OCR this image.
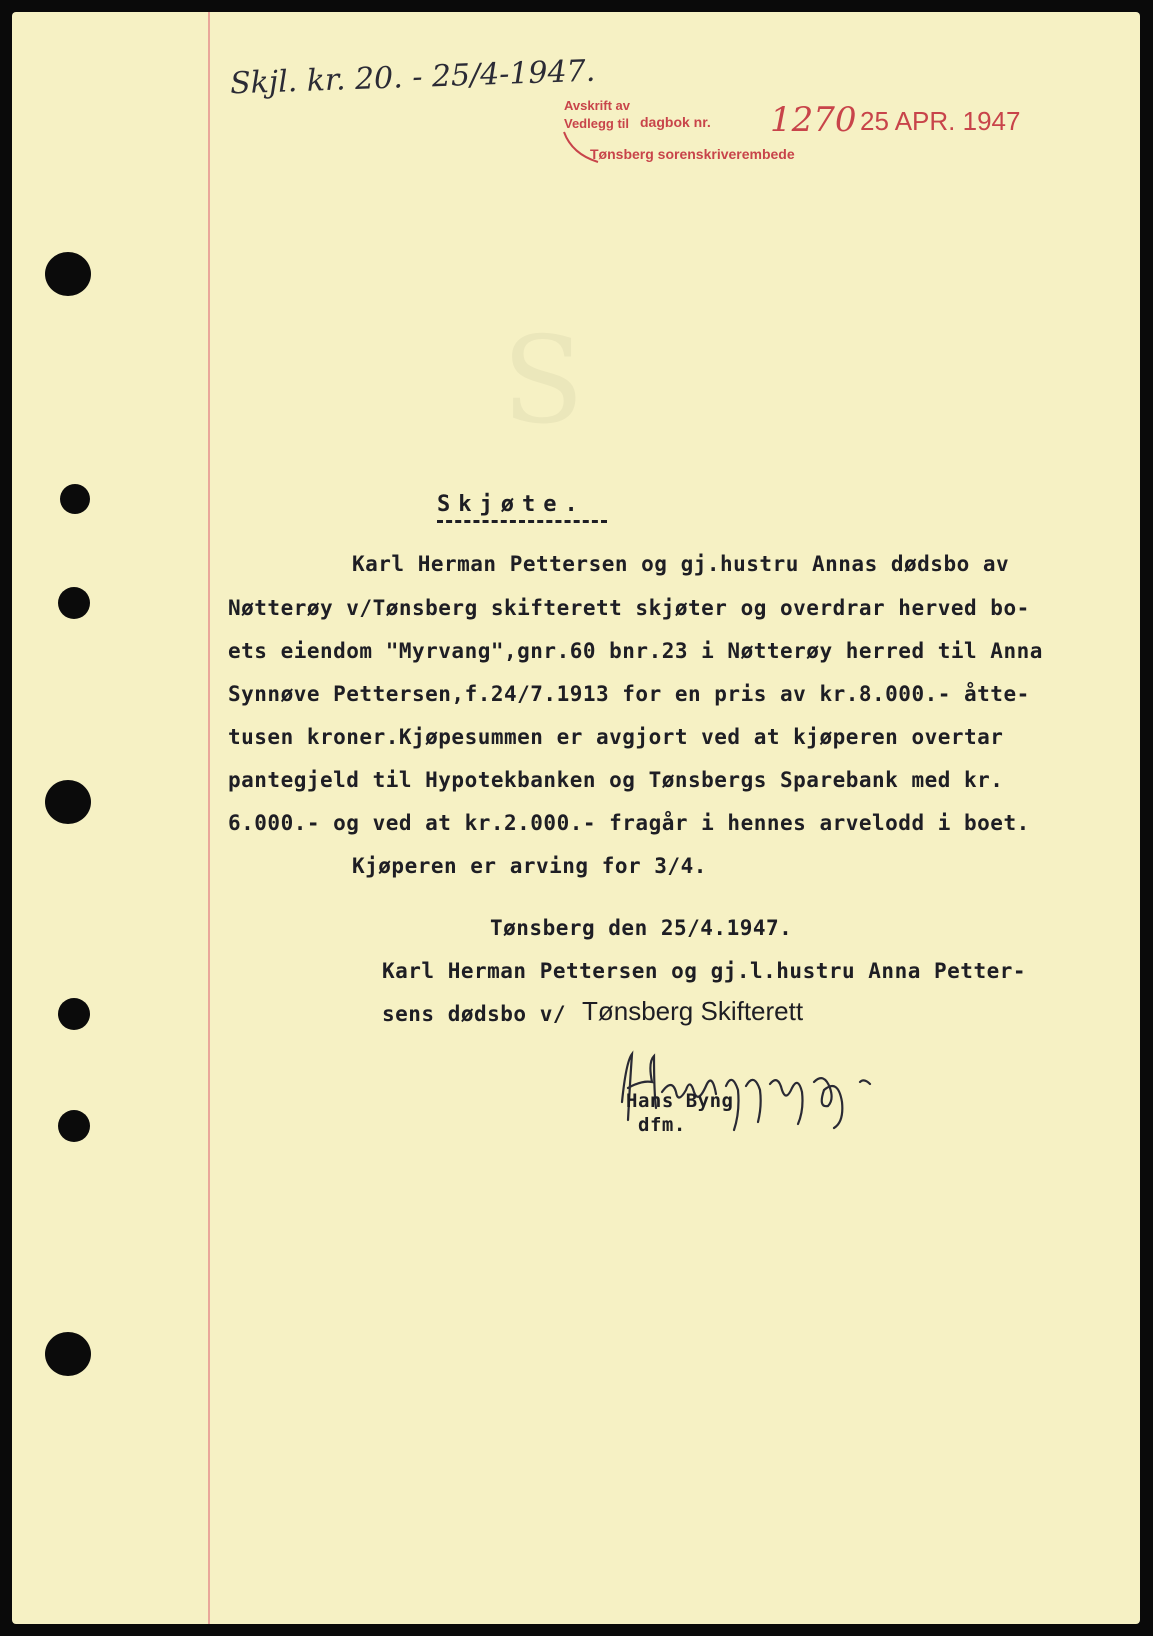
S
Skjl. kr. 20. - 25/4-1947.
Avskrift av
Vedlegg til dagbok nr. 1270 25 APR. 1947
Tønsberg sorenskriverembede
Skjøte.
Karl Herman Pettersen og gj.hustru Annas dødsbo av
Nøtterøy v/Tønsberg skifterett skjøter og overdrar herved bo-
ets eiendom "Myrvang",gnr.60 bnr.23 i Nøtterøy herred til Anna
Synnøve Pettersen,f.24/7.1913 for en pris av kr.8.000.- åtte-
tusen kroner.Kjøpesummen er avgjort ved at kjøperen overtar
pantegjeld til Hypotekbanken og Tønsbergs Sparebank med kr.
6.000.- og ved at kr.2.000.- fragår i hennes arvelodd i boet.
Kjøperen er arving for 3/4.
Tønsberg den 25/4.1947.
Karl Herman Pettersen og gj.l.hustru Anna Petter-
sens dødsbo v/ Tønsberg Skifterett
Hans Byng
dfm.
